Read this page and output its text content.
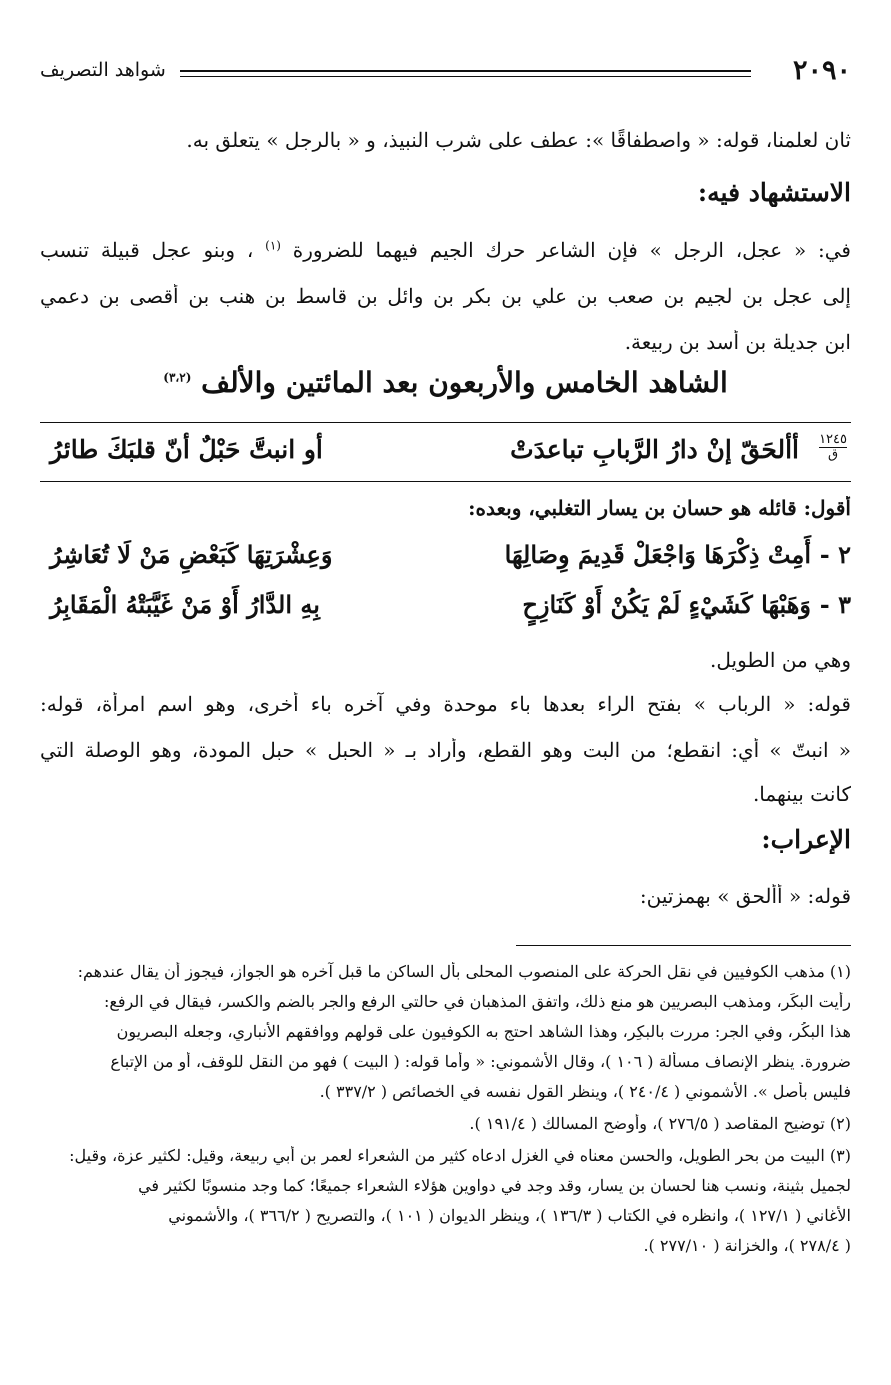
٢٠٩٠
شواهد التصريف
ثان لعلمنا، قوله: « واصطفاقًا »: عطف على شرب النبيذ، و « بالرجل » يتعلق به.
الاستشهاد فيه:
في: « عجل، الرجل » فإن الشاعر حرك الجيم فيهما للضرورة $^{(١)}$ ، وبنو عجل قبيلة تنسب
إلى عجل بن لجيم بن صعب بن علي بن بكر بن وائل بن قاسط بن هنب بن أقصى بن دعمي
ابن جديلة بن أسد بن ربيعة.
الشاهد الخامس والأربعون بعد المائتين والألف $^{(٣،٢)}$
١٢٤٥
ق
أألحَقّ إنْ دارُ الرَّبابِ تباعدَتْ
أو انبتَّ حَبْلٌ أنّ قلبَكَ طائرُ
أقول: قائله هو حسان بن يسار التغلبي، وبعده:
٢ -
أَمِتْ ذِكْرَهَا وَاجْعَلْ قَدِيمَ وِصَالِهَا
وَعِشْرَتِهَا كَبَعْضِ مَنْ لَا تُعَاشِرُ
٣ -
وَهَبْهَا كَشَيْءٍ لَمْ يَكُنْ أَوْ كَنَازِحٍ
بِهِ الدَّارُ أَوْ مَنْ غَيَّبَتْهُ الْمَقَابِرُ
وهي من الطويل.
قوله: « الرباب » بفتح الراء بعدها باء موحدة وفي آخره باء أخرى، وهو اسم امرأة، قوله:
« انبتّ » أي: انقطع؛ من البت وهو القطع، وأراد بـ « الحبل » حبل المودة، وهو الوصلة التي
كانت بينهما.
الإعراب:
قوله: « أألحق » بهمزتين:
(١) مذهب الكوفيين في نقل الحركة على المنصوب المحلى بأل الساكن ما قبل آخره هو الجواز، فيجوز أن يقال عندهم:
رأيت البكَر، ومذهب البصريين هو منع ذلك، واتفق المذهبان في حالتي الرفع والجر بالضم والكسر، فيقال في الرفع:
هذا البكُر، وفي الجر: مررت بالبكِر، وهذا الشاهد احتج به الكوفيون على قولهم ووافقهم الأنباري، وجعله البصريون
ضرورة. ينظر الإنصاف مسألة ( ١٠٦ )، وقال الأشموني: « وأما قوله: ( البيت ) فهو من النقل للوقف، أو من الإتباع
فليس بأصل ». الأشموني ( ٢٤٠/٤ )، وينظر القول نفسه في الخصائص ( ٣٣٧/٢ ).
(٢) توضيح المقاصد ( ٢٧٦/٥ )، وأوضح المسالك ( ١٩١/٤ ).
(٣) البيت من بحر الطويل، والحسن معناه في الغزل ادعاه كثير من الشعراء لعمر بن أبي ربيعة، وقيل: لكثير عزة، وقيل:
لجميل بثينة، ونسب هنا لحسان بن يسار، وقد وجد في دواوين هؤلاء الشعراء جميعًا؛ كما وجد منسوبًا لكثير في
الأغاني ( ١٢٧/١ )، وانظره في الكتاب ( ١٣٦/٣ )، وينظر الديوان ( ١٠١ )، والتصريح ( ٣٦٦/٢ )، والأشموني
( ٢٧٨/٤ )، والخزانة ( ٢٧٧/١٠ ).
